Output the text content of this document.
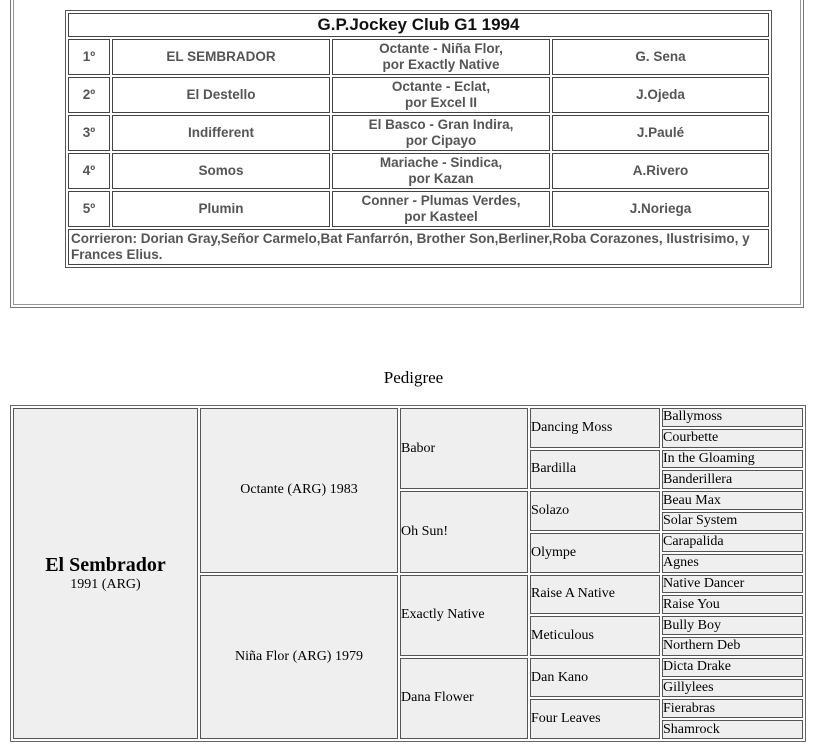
G.P.Jockey Club G1 1994			
1º	EL SEMBRADOR	Octante - Niña Flor,
por Exactly Native	G. Sena
2º	El Destello	Octante - Eclat,
por Excel II	J.Ojeda
3º	Indifferent	El Basco - Gran Indira,
por Cipayo	J.Paulé
4º	Somos	Mariache - Sindica,
por Kazan	A.Rivero
5º	Plumin	Conner - Plumas Verdes,
por Kasteel	J.Noriega
Corrieron: Dorian Gray,Señor Carmelo,Bat Fanfarrón, Brother Son,Berliner,Roba Corazones, Ilustrisimo, y Frances Elius.			
Pedigree
El Sembrador
1991 (ARG)	Octante (ARG) 1983	Babor	Dancing Moss	Ballymoss
				Courbette
			Bardilla	In the Gloaming
				Banderillera
		Oh Sun!	Solazo	Beau Max
				Solar System
			Olympe	Carapalida
				Agnes
	Niña Flor (ARG) 1979	Exactly Native	Raise A Native	Native Dancer
				Raise You
			Meticulous	Bully Boy
				Northern Deb
		Dana Flower	Dan Kano	Dicta Drake
				Gillylees
			Four Leaves	Fierabras
				Shamrock
